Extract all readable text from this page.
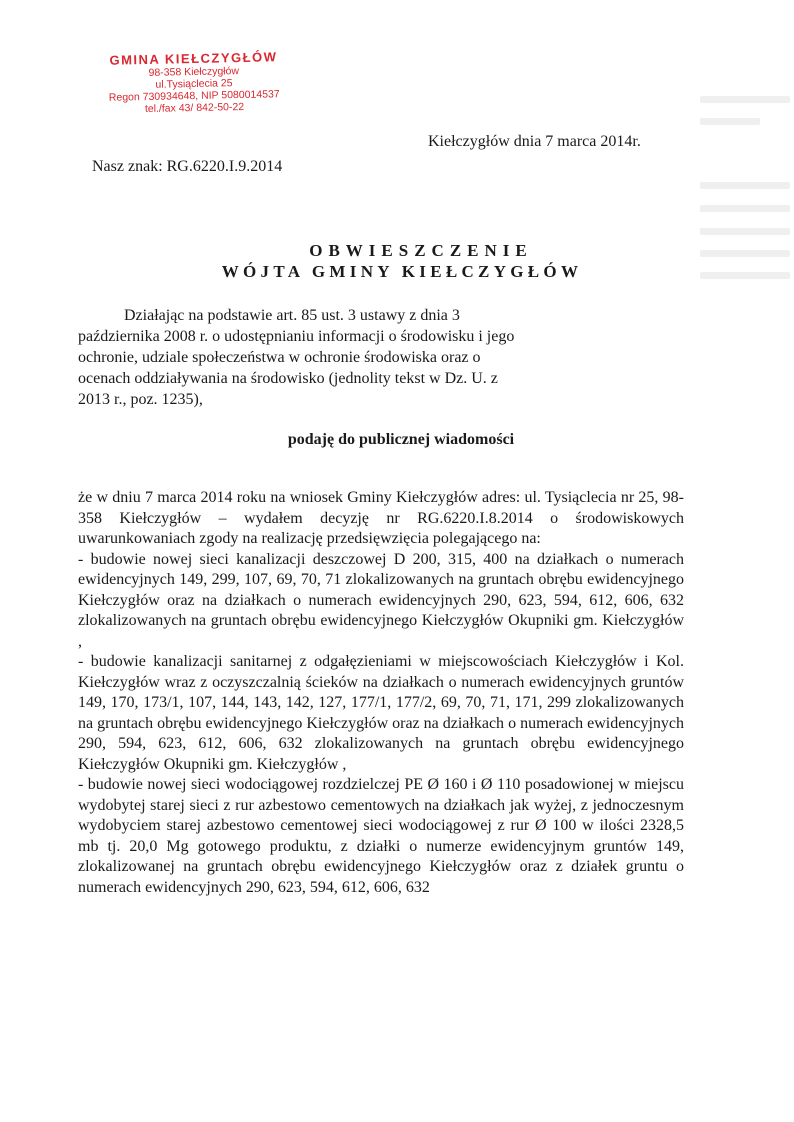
GMINA KIEŁCZYGŁÓW
98-358 Kiełczygłów
ul.Tysiąclecia 25
Regon 730934648, NIP 5080014537
tel./fax 43/ 842-50-22
Kiełczygłów dnia 7 marca 2014r.
Nasz znak: RG.6220.I.9.2014
OBWIESZCZENIE
WÓJTA GMINY KIEŁCZYGŁÓW

Działając na podstawie art. 85 ust. 3 ustawy z dnia 3 października 2008 r. o udostępnianiu informacji o środowisku i jego ochronie, udziale społeczeństwa w ochronie środowiska oraz o ocenach oddziaływania na środowisko (jednolity tekst w Dz. U. z 2013 r., poz. 1235),

podaję do publicznej wiadomości

że w dniu 7 marca 2014 roku na wniosek Gminy Kiełczygłów adres: ul. Tysiąclecia nr 25, 98-358 Kiełczygłów – wydałem decyzję nr RG.6220.I.8.2014 o środowiskowych uwarunkowaniach zgody na realizację przedsięwzięcia polegającego na:

- budowie nowej sieci kanalizacji deszczowej D 200, 315, 400 na działkach o numerach ewidencyjnych 149, 299, 107, 69, 70, 71 zlokalizowanych na gruntach obrębu ewidencyjnego Kiełczygłów oraz na działkach o numerach ewidencyjnych 290, 623, 594, 612, 606, 632 zlokalizowanych na gruntach obrębu ewidencyjnego Kiełczygłów Okupniki gm. Kiełczygłów ,

- budowie kanalizacji sanitarnej z odgałęzieniami w miejscowościach Kiełczygłów i Kol. Kiełczygłów wraz z oczyszczalnią ścieków na działkach o numerach ewidencyjnych gruntów 149, 170, 173/1, 107, 144, 143, 142, 127, 177/1, 177/2, 69, 70, 71, 171, 299 zlokalizowanych na gruntach obrębu ewidencyjnego Kiełczygłów oraz na działkach o numerach ewidencyjnych 290, 594, 623, 612, 606, 632 zlokalizowanych na gruntach obrębu ewidencyjnego Kiełczygłów Okupniki gm. Kiełczygłów ,

- budowie nowej sieci wodociągowej rozdzielczej PE Ø 160 i Ø 110 posadowionej w miejscu wydobytej starej sieci z rur azbestowo cementowych na działkach jak wyżej, z jednoczesnym wydobyciem starej azbestowo cementowej sieci wodociągowej z rur Ø 100 w ilości 2328,5 mb tj. 20,0 Mg gotowego produktu, z działki o numerze ewidencyjnym gruntów 149, zlokalizowanej na gruntach obrębu ewidencyjnego Kiełczygłów oraz z działek gruntu o numerach ewidencyjnych 290, 623, 594, 612, 606, 632
